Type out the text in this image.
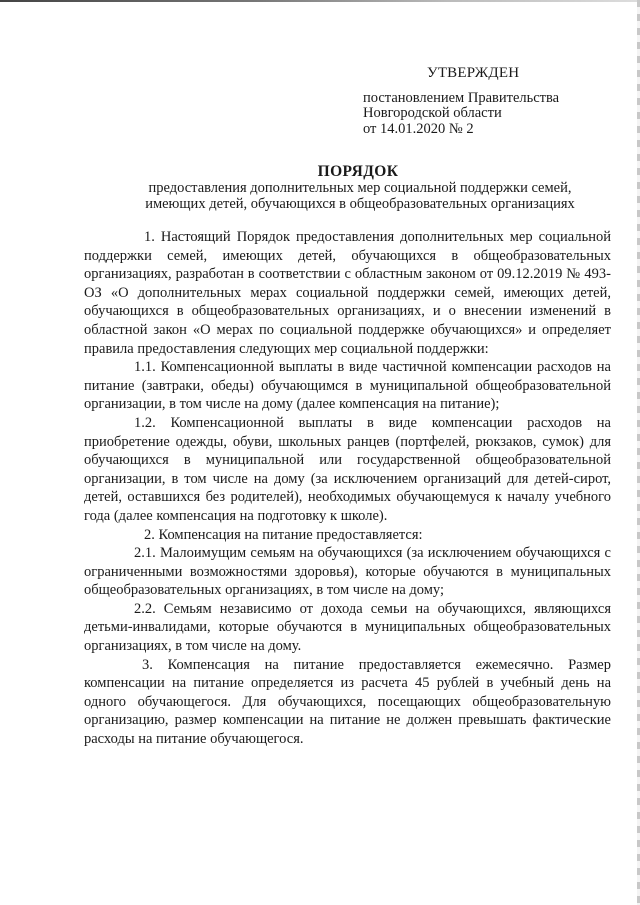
УТВЕРЖДЕН
постановлением Правительства
Новгородской области
от 14.01.2020 № 2
ПОРЯДОК
предоставления дополнительных мер социальной поддержки семей,
имеющих детей, обучающихся в общеобразовательных организациях

1. Настоящий Порядок предоставления дополнительных мер социальной поддержки семей, имеющих детей, обучающихся в общеобразовательных организациях, разработан в соответствии с областным законом от 09.12.2019 № 493-ОЗ «О дополнительных мерах социальной поддержки семей, имеющих детей, обучающихся в общеобразовательных организациях, и о внесении изменений в областной закон «О мерах по социальной поддержке обучающихся» и определяет правила предоставления следующих мер социальной поддержки:

1.1. Компенсационной выплаты в виде частичной компенсации расходов на питание (завтраки, обеды) обучающимся в муниципальной общеобразовательной организации, в том числе на дому (далее компенсация на питание);

1.2. Компенсационной выплаты в виде компенсации расходов на приобретение одежды, обуви, школьных ранцев (портфелей, рюкзаков, сумок) для обучающихся в муниципальной или государственной общеобразовательной организации, в том числе на дому (за исключением организаций для детей-сирот, детей, оставшихся без родителей), необходимых обучающемуся к началу учебного года (далее компенсация на подготовку к школе).

2. Компенсация на питание предоставляется:

2.1. Малоимущим семьям на обучающихся (за исключением обучающихся с ограниченными возможностями здоровья), которые обучаются в муниципальных общеобразовательных организациях, в том числе на дому;

2.2. Семьям независимо от дохода семьи на обучающихся, являющихся детьми-инвалидами, которые обучаются в муниципальных общеобразовательных организациях, в том числе на дому.

3. Компенсация на питание предоставляется ежемесячно. Размер компенсации на питание определяется из расчета 45 рублей в учебный день на одного обучающегося. Для обучающихся, посещающих общеобразовательную организацию, размер компенсации на питание не должен превышать фактические расходы на питание обучающегося.
